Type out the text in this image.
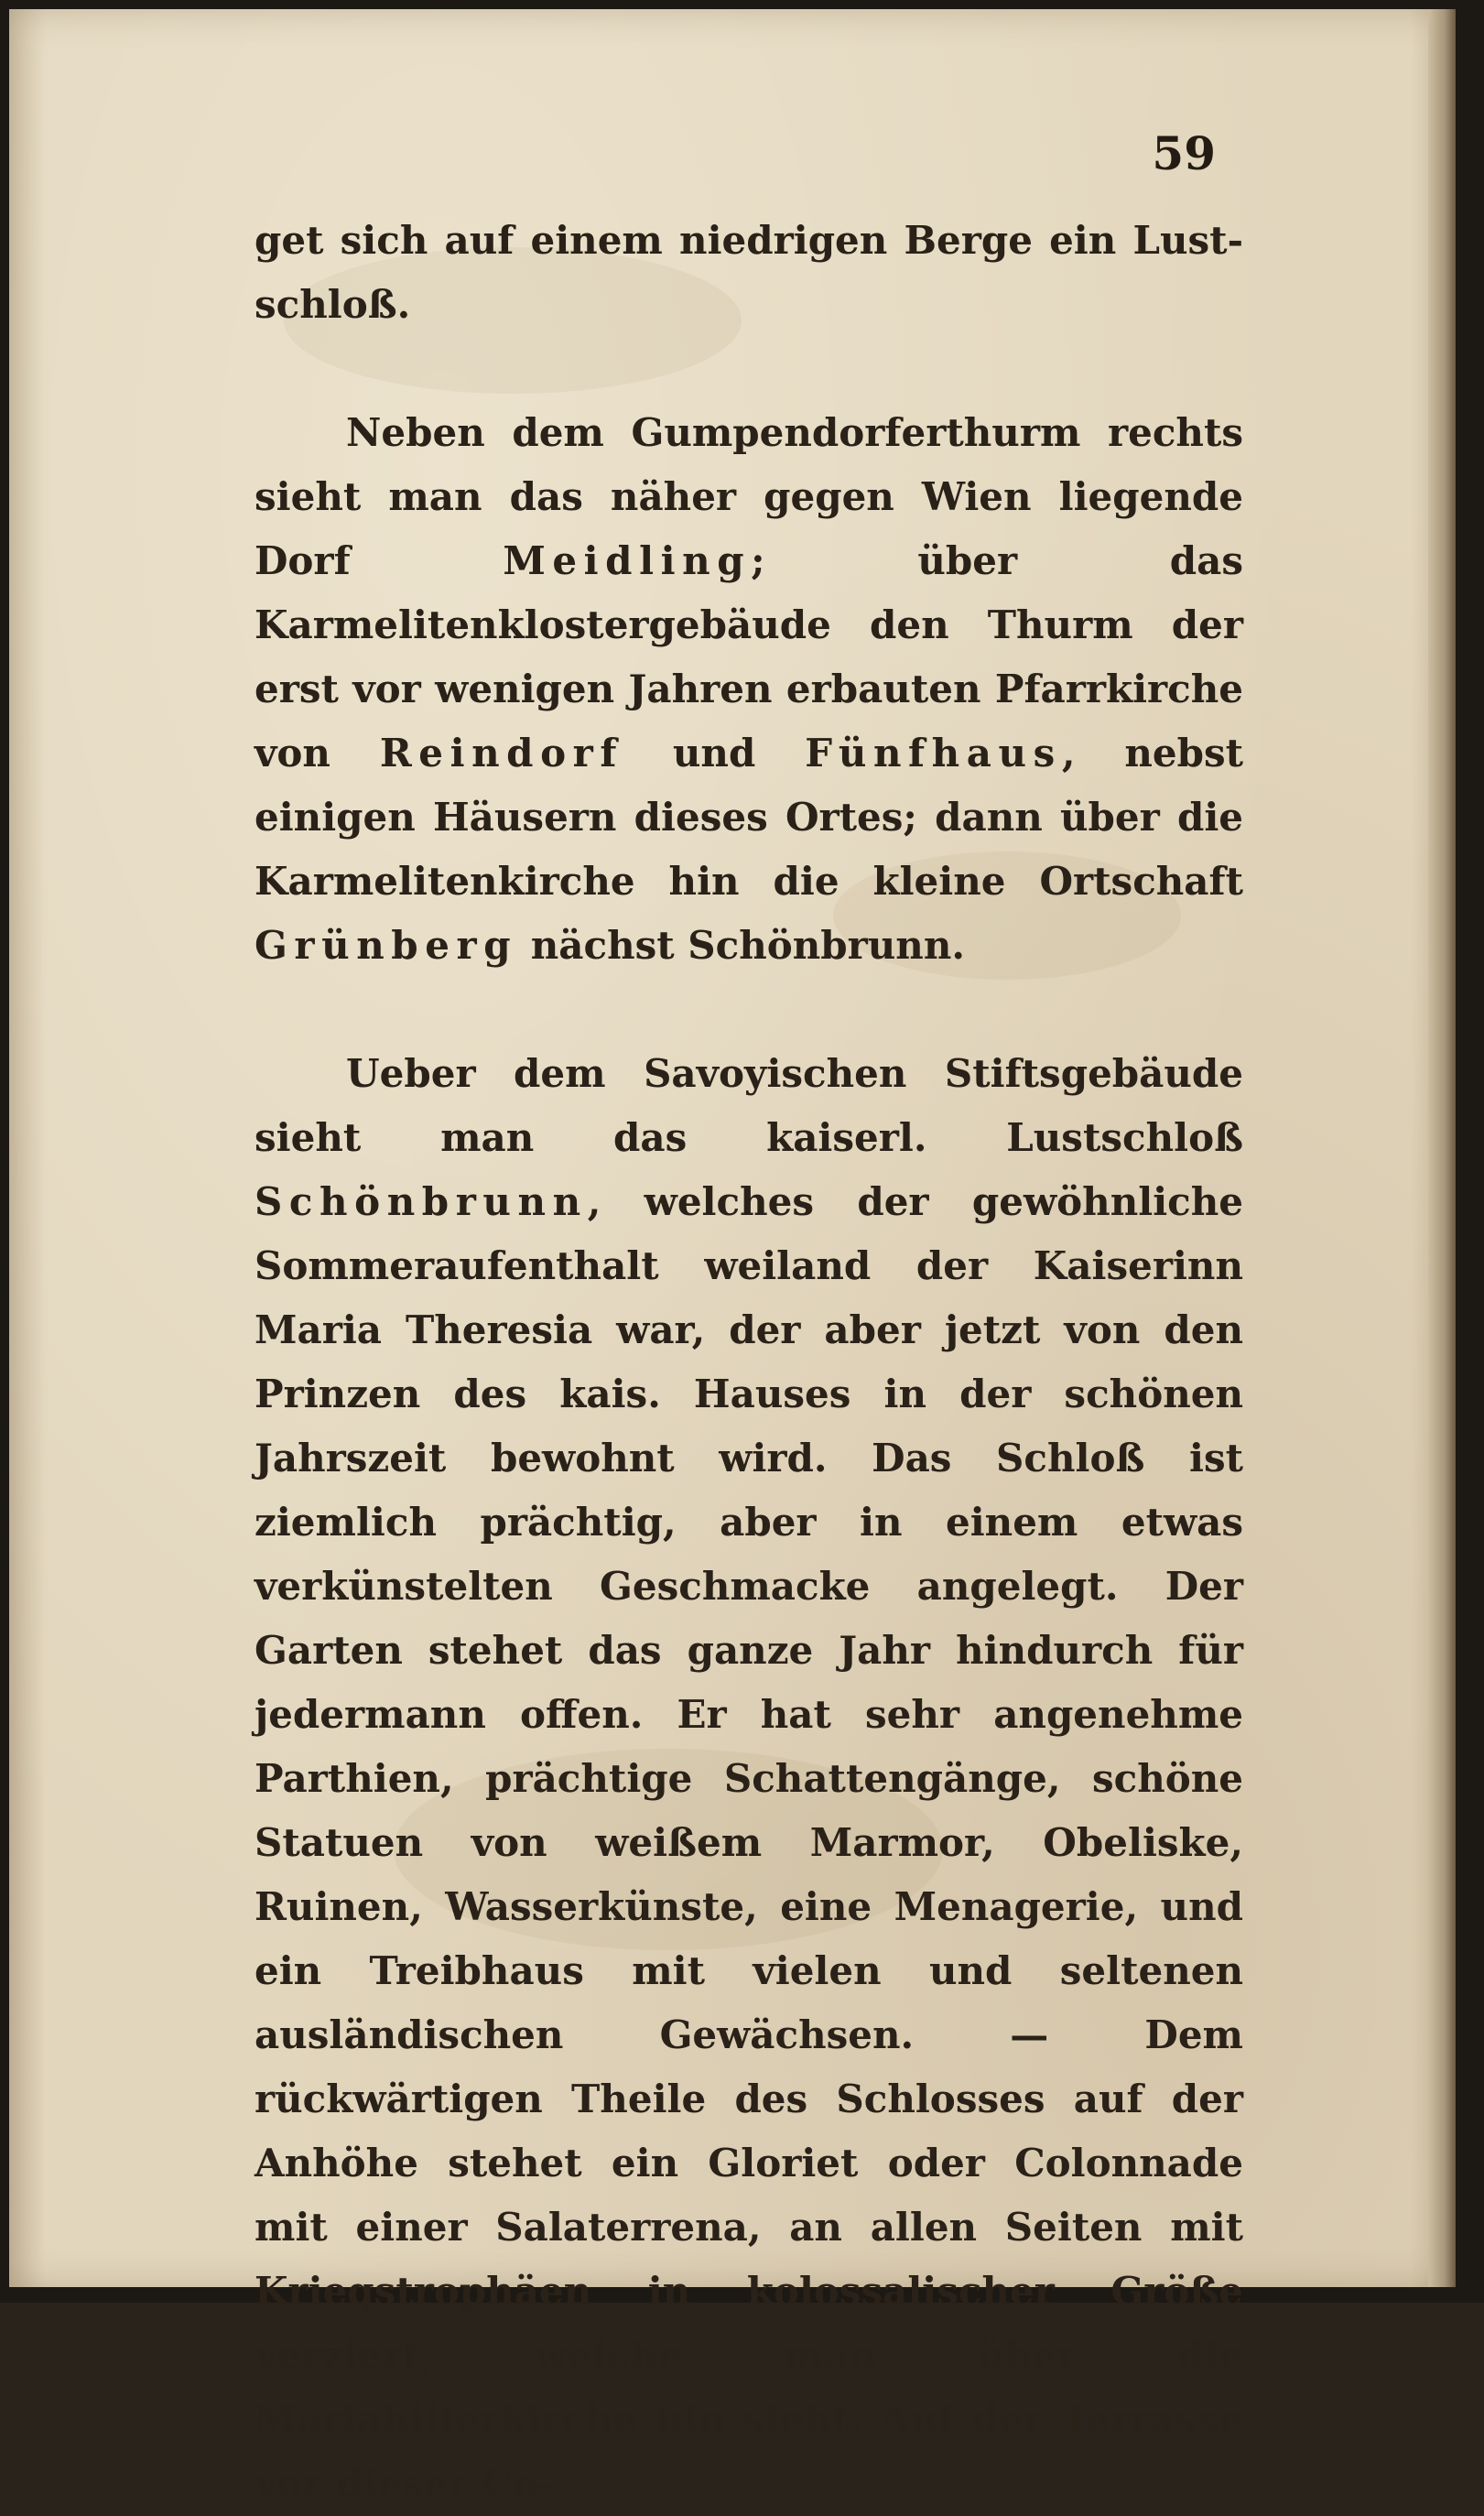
59

get sich auf einem niedrigen Berge ein Lust-schloß.

Neben dem Gumpendorferthurm rechts sieht man das näher gegen Wien liegende Dorf Meidling; über das Karmelitenklostergebäude den Thurm der erst vor wenigen Jahren erbauten Pfarrkirche von Reindorf und Fünfhaus, nebst einigen Häusern dieses Ortes; dann über die Karmelitenkirche hin die kleine Ortschaft Grünberg nächst Schönbrunn.

Ueber dem Savoyischen Stiftsgebäude sieht man das kaiserl. Lustschloß Schönbrunn, welches der gewöhnliche Sommeraufenthalt weiland der Kaiserinn Maria Theresia war, der aber jetzt von den Prinzen des kais. Hauses in der schönen Jahrszeit bewohnt wird. Das Schloß ist ziemlich prächtig, aber in einem etwas verkünstelten Geschmacke angelegt. Der Garten stehet das ganze Jahr hindurch für jedermann offen. Er hat sehr angenehme Parthien, prächtige Schattengänge, schöne Statuen von weißem Marmor, Obeliske, Ruinen, Wasserkünste, eine Menagerie, und ein Treibhaus mit vielen und seltenen ausländischen Gewächsen. — Dem rückwärtigen Theile des Schlosses auf der Anhöhe stehet ein Gloriet oder Colonnade mit einer Salaterrena, an allen Seiten mit Kriegstrophäen in kolossalischer Größe verziert, welche man über die Mariahilferkirche hin sieht. Auf der Terrasse vor dieser Co-
